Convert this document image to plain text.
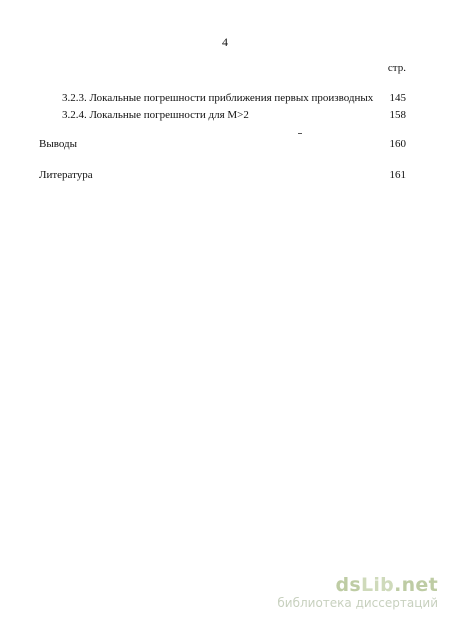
4
стр.
3.2.3. Локальные погрешности приближения первых производных 145
3.2.4. Локальные погрешности для M>2	158
Выводы	160
Литература	161
dsLib.net
библиотека диссертаций
